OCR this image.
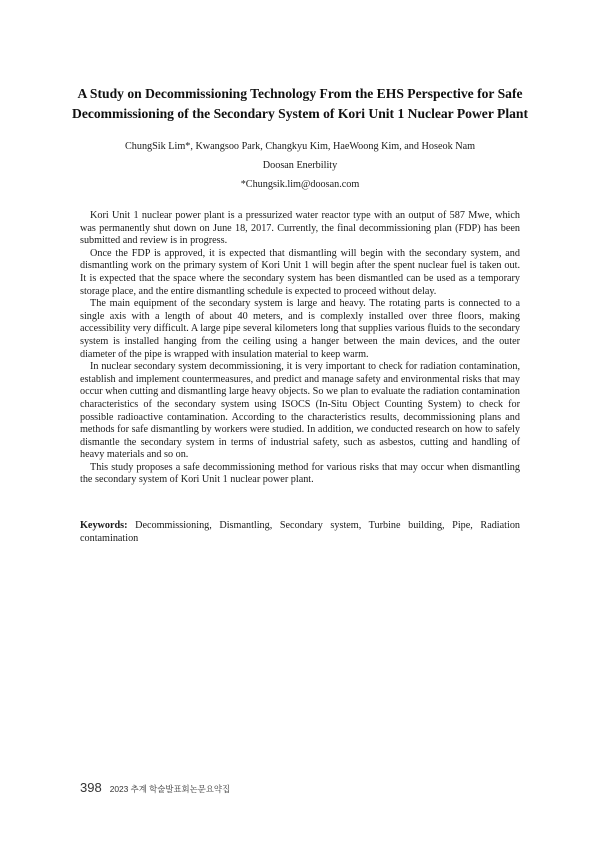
A Study on Decommissioning Technology From the EHS Perspective for Safe
Decommissioning of the Secondary System of Kori Unit 1 Nuclear Power Plant
ChungSik Lim*, Kwangsoo Park, Changkyu Kim, HaeWoong Kim, and Hoseok Nam
Doosan Enerbility
*Chungsik.lim@doosan.com

Kori Unit 1 nuclear power plant is a pressurized water reactor type with an output of 587 Mwe, which was permanently shut down on June 18, 2017. Currently, the final decommissioning plan (FDP) has been submitted and review is in progress.

Once the FDP is approved, it is expected that dismantling will begin with the secondary system, and dismantling work on the primary system of Kori Unit 1 will begin after the spent nuclear fuel is taken out. It is expected that the space where the secondary system has been dismantled can be used as a temporary storage place, and the entire dismantling schedule is expected to proceed without delay.

The main equipment of the secondary system is large and heavy. The rotating parts is connected to a single axis with a length of about 40 meters, and is complexly installed over three floors, making accessibility very difficult. A large pipe several kilometers long that supplies various fluids to the secondary system is installed hanging from the ceiling using a hanger between the main devices, and the outer diameter of the pipe is wrapped with insulation material to keep warm.

In nuclear secondary system decommissioning, it is very important to check for radiation contamination, establish and implement countermeasures, and predict and manage safety and environmental risks that may occur when cutting and dismantling large heavy objects. So we plan to evaluate the radiation contamination characteristics of the secondary system using ISOCS (In-Situ Object Counting System) to check for possible radioactive contamination. According to the characteristics results, decommissioning plans and methods for safe dismantling by workers were studied. In addition, we conducted research on how to safely dismantle the secondary system in terms of industrial safety, such as asbestos, cutting and handling of heavy materials and so on.

This study proposes a safe decommissioning method for various risks that may occur when dismantling the secondary system of Kori Unit 1 nuclear power plant.

Keywords: Decommissioning, Dismantling, Secondary system, Turbine building, Pipe, Radiation contamination
398 2023 추계 학술발표회논문요약집
